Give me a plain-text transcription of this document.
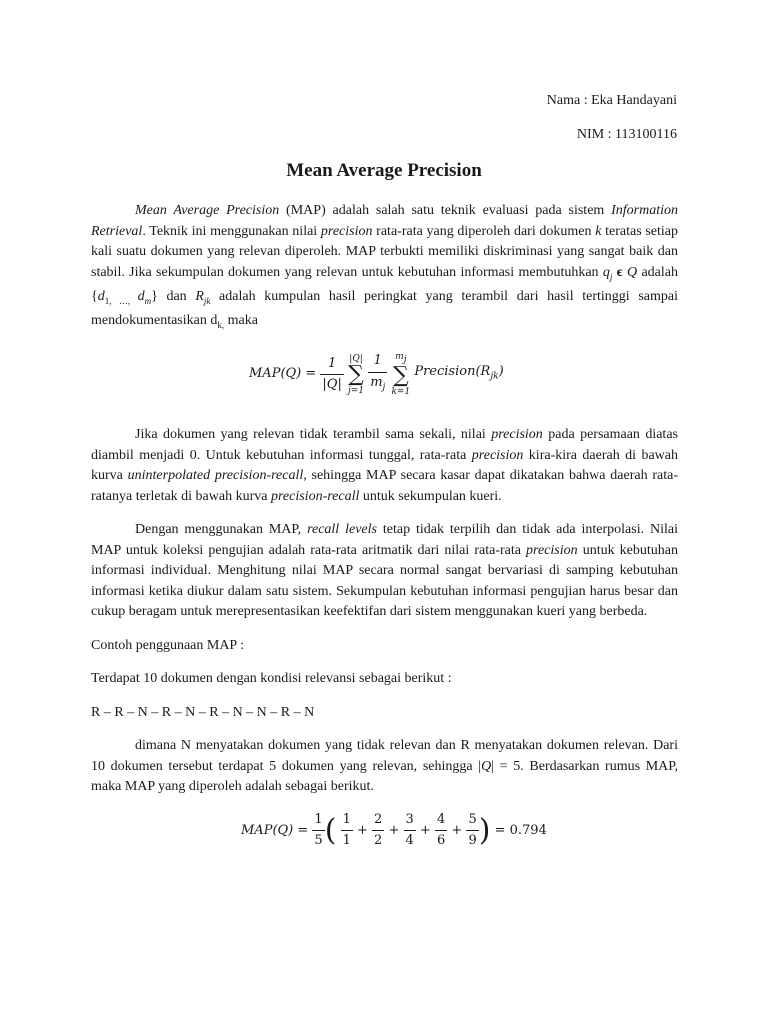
Nama : Eka Handayani
NIM : 113100116
Mean Average Precision

Mean Average Precision (MAP) adalah salah satu teknik evaluasi pada sistem Information Retrieval. Teknik ini menggunakan nilai precision rata-rata yang diperoleh dari dokumen k teratas setiap kali suatu dokumen yang relevan diperoleh. MAP terbukti memiliki diskriminasi yang sangat baik dan stabil. Jika sekumpulan dokumen yang relevan untuk kebutuhan informasi membutuhkan $q_j$ ϵ Q adalah {$d_{1, \dots,}$ $d_m$} dan $R_{jk}$ adalah kumpulan hasil peringkat yang terambil dari hasil tertinggi sampai mendokumentasikan $d_{k,}$ maka

$MAP(Q) = \frac{1}{|Q|}$
|Q|
∑
j=1
$\frac{1}{m_j}$
$m_j$
∑
k=1
$Precision(R_{jk})$

Jika dokumen yang relevan tidak terambil sama sekali, nilai precision pada persamaan diatas diambil menjadi 0. Untuk kebutuhan informasi tunggal, rata-rata precision kira-kira daerah di bawah kurva uninterpolated precision-recall, sehingga MAP secara kasar dapat dikatakan bahwa daerah rata-ratanya terletak di bawah kurva precision-recall untuk sekumpulan kueri.

Dengan menggunakan MAP, recall levels tetap tidak terpilih dan tidak ada interpolasi. Nilai MAP untuk koleksi pengujian adalah rata-rata aritmatik dari nilai rata-rata precision untuk kebutuhan informasi individual. Menghitung nilai MAP secara normal sangat bervariasi di samping kebutuhan informasi ketika diukur dalam satu sistem. Sekumpulan kebutuhan informasi pengujian harus besar dan cukup beragam untuk merepresentasikan keefektifan dari sistem menggunakan kueri yang berbeda.

Contoh penggunaan MAP :

Terdapat 10 dokumen dengan kondisi relevansi sebagai berikut :

R – R – N – R – N – R – N – N – R – N

dimana N menyatakan dokumen yang tidak relevan dan R menyatakan dokumen relevan. Dari 10 dokumen tersebut terdapat 5 dokumen yang relevan, sehingga |Q| = 5. Berdasarkan rumus MAP, maka MAP yang diperoleh adalah sebagai berikut.

$MAP(Q) = \frac{1}{5}$ ( $\frac{1}{1} + \frac{2}{2} + \frac{3}{4} + \frac{4}{6} + \frac{5}{9}$ ) = 0.794
